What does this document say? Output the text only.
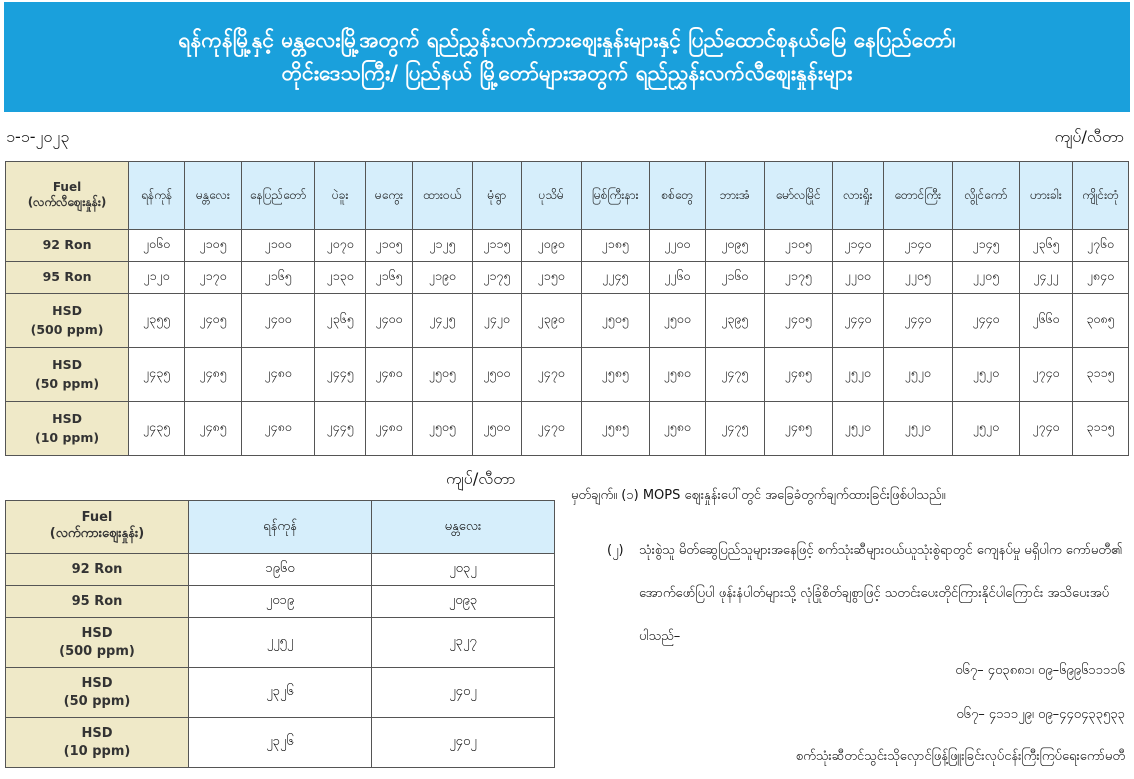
ရန်ကုန်မြို့နှင့် မန္တလေးမြို့အတွက် ရည်ညွှန်းလက်ကားဈေးနှုန်းများနှင့် ပြည်ထောင်စုနယ်မြေ နေပြည်တော်၊
တိုင်းဒေသကြီး/ ပြည်နယ် မြို့တော်များအတွက် ရည်ညွှန်းလက်လီဈေးနှုန်းများ
၁-၁-၂၀၂၃	ကျပ်/လီတာ
Fuel
(လက်လီဈေးနှုန်း)	ရန်ကုန်	မန္တလေး	နေပြည်တော်	ပဲခူး	မကွေး	ထားဝယ်	မုံရွာ	ပုသိမ်	မြစ်ကြီးနား	စစ်တွေ	ဘားအံ	မော်လမြိုင်	လားရှိုး	တောင်ကြီး	လွိုင်ကော်	ဟားခါး	ကျိုင်းတုံ

92 Ron	၂၀၆၀	၂၁၀၅	၂၁၀၀	၂၀၇၀	၂၁၀၅	၂၁၂၅	၂၁၁၅	၂၀၉၀	၂၁၈၅	၂၂၀၀	၂၀၉၅	၂၁၀၅	၂၁၄၀	၂၁၄၀	၂၁၄၅	၂၃၆၅	၂၇၆၀

95 Ron	၂၁၂၀	၂၁၇၀	၂၁၆၅	၂၁၃၀	၂၁၆၅	၂၁၉၀	၂၁၇၅	၂၁၅၀	၂၂၄၅	၂၂၆၀	၂၁၆၀	၂၁၇၅	၂၂၀၀	၂၂၀၅	၂၂၀၅	၂၄၂၂	၂၈၄၀

HSD
(500 ppm)	၂၃၅၅	၂၄၀၅	၂၄၀၀	၂၃၆၅	၂၄၀၀	၂၄၂၅	၂၄၂၀	၂၃၉၀	၂၅၀၅	၂၅၀၀	၂၃၉၅	၂၄၀၅	၂၄၄၀	၂၄၄၀	၂၄၄၀	၂၆၆၀	၃၀၈၅

HSD
(50 ppm)	၂၄၃၅	၂၄၈၅	၂၄၈၀	၂၄၄၅	၂၄၈၀	၂၅၀၅	၂၅၀၀	၂၄၇၀	၂၅၈၅	၂၅၈၀	၂၄၇၅	၂၄၈၅	၂၅၂၀	၂၅၂၀	၂၅၂၀	၂၇၄၀	၃၁၁၅

HSD
(10 ppm)	၂၄၃၅	၂၄၈၅	၂၄၈၀	၂၄၄၅	၂၄၈၀	၂၅၀၅	၂၅၀၀	၂၄၇၀	၂၅၈၅	၂၅၈၀	၂၄၇၅	၂၄၈၅	၂၅၂၀	၂၅၂၀	၂၅၂၀	၂၇၄၀	၃၁၁၅
ကျပ်/လီတာ
Fuel
(လက်ကားဈေးနှုန်း)	ရန်ကုန်	မန္တလေး

92 Ron	၁၉၆၀	၂၀၃၂

95 Ron	၂၀၁၉	၂၀၉၃

HSD
(500 ppm)	၂၂၅၂	၂၃၂၇

HSD
(50 ppm)	၂၃၂၆	၂၄၀၂

HSD
(10 ppm)	၂၃၂၆	၂၄၀၂
မှတ်ချက်။ (၁) MOPS ဈေးနှုန်းပေါ်တွင် အခြေခံတွက်ချက်ထားခြင်းဖြစ်ပါသည်။
(၂) သုံးစွဲသူ မိတ်ဆွေပြည်သူများအနေဖြင့် စက်သုံးဆီများဝယ်ယူသုံးစွဲရာတွင် ကျေနပ်မှု မရှိပါက ကော်မတီ၏ အောက်ဖော်ပြပါ ဖုန်းနံပါတ်များသို့ လုံခြုံစိတ်ချစွာဖြင့် သတင်းပေးတိုင်ကြားနိုင်ပါကြောင်း အသိပေးအပ်ပါသည်–
၀၆၇– ၄၀၃၈၈၁၊ ၀၉–၆၉၉၆၁၁၁၁၆
၀၆၇– ၄၁၁၁၂၉၊ ၀၉–၄၄၀၄၃၃၅၃၃
စက်သုံးဆီတင်သွင်းသိုလှောင်ဖြန့်ဖြူးခြင်းလုပ်ငန်းကြီးကြပ်ရေးကော်မတီ
